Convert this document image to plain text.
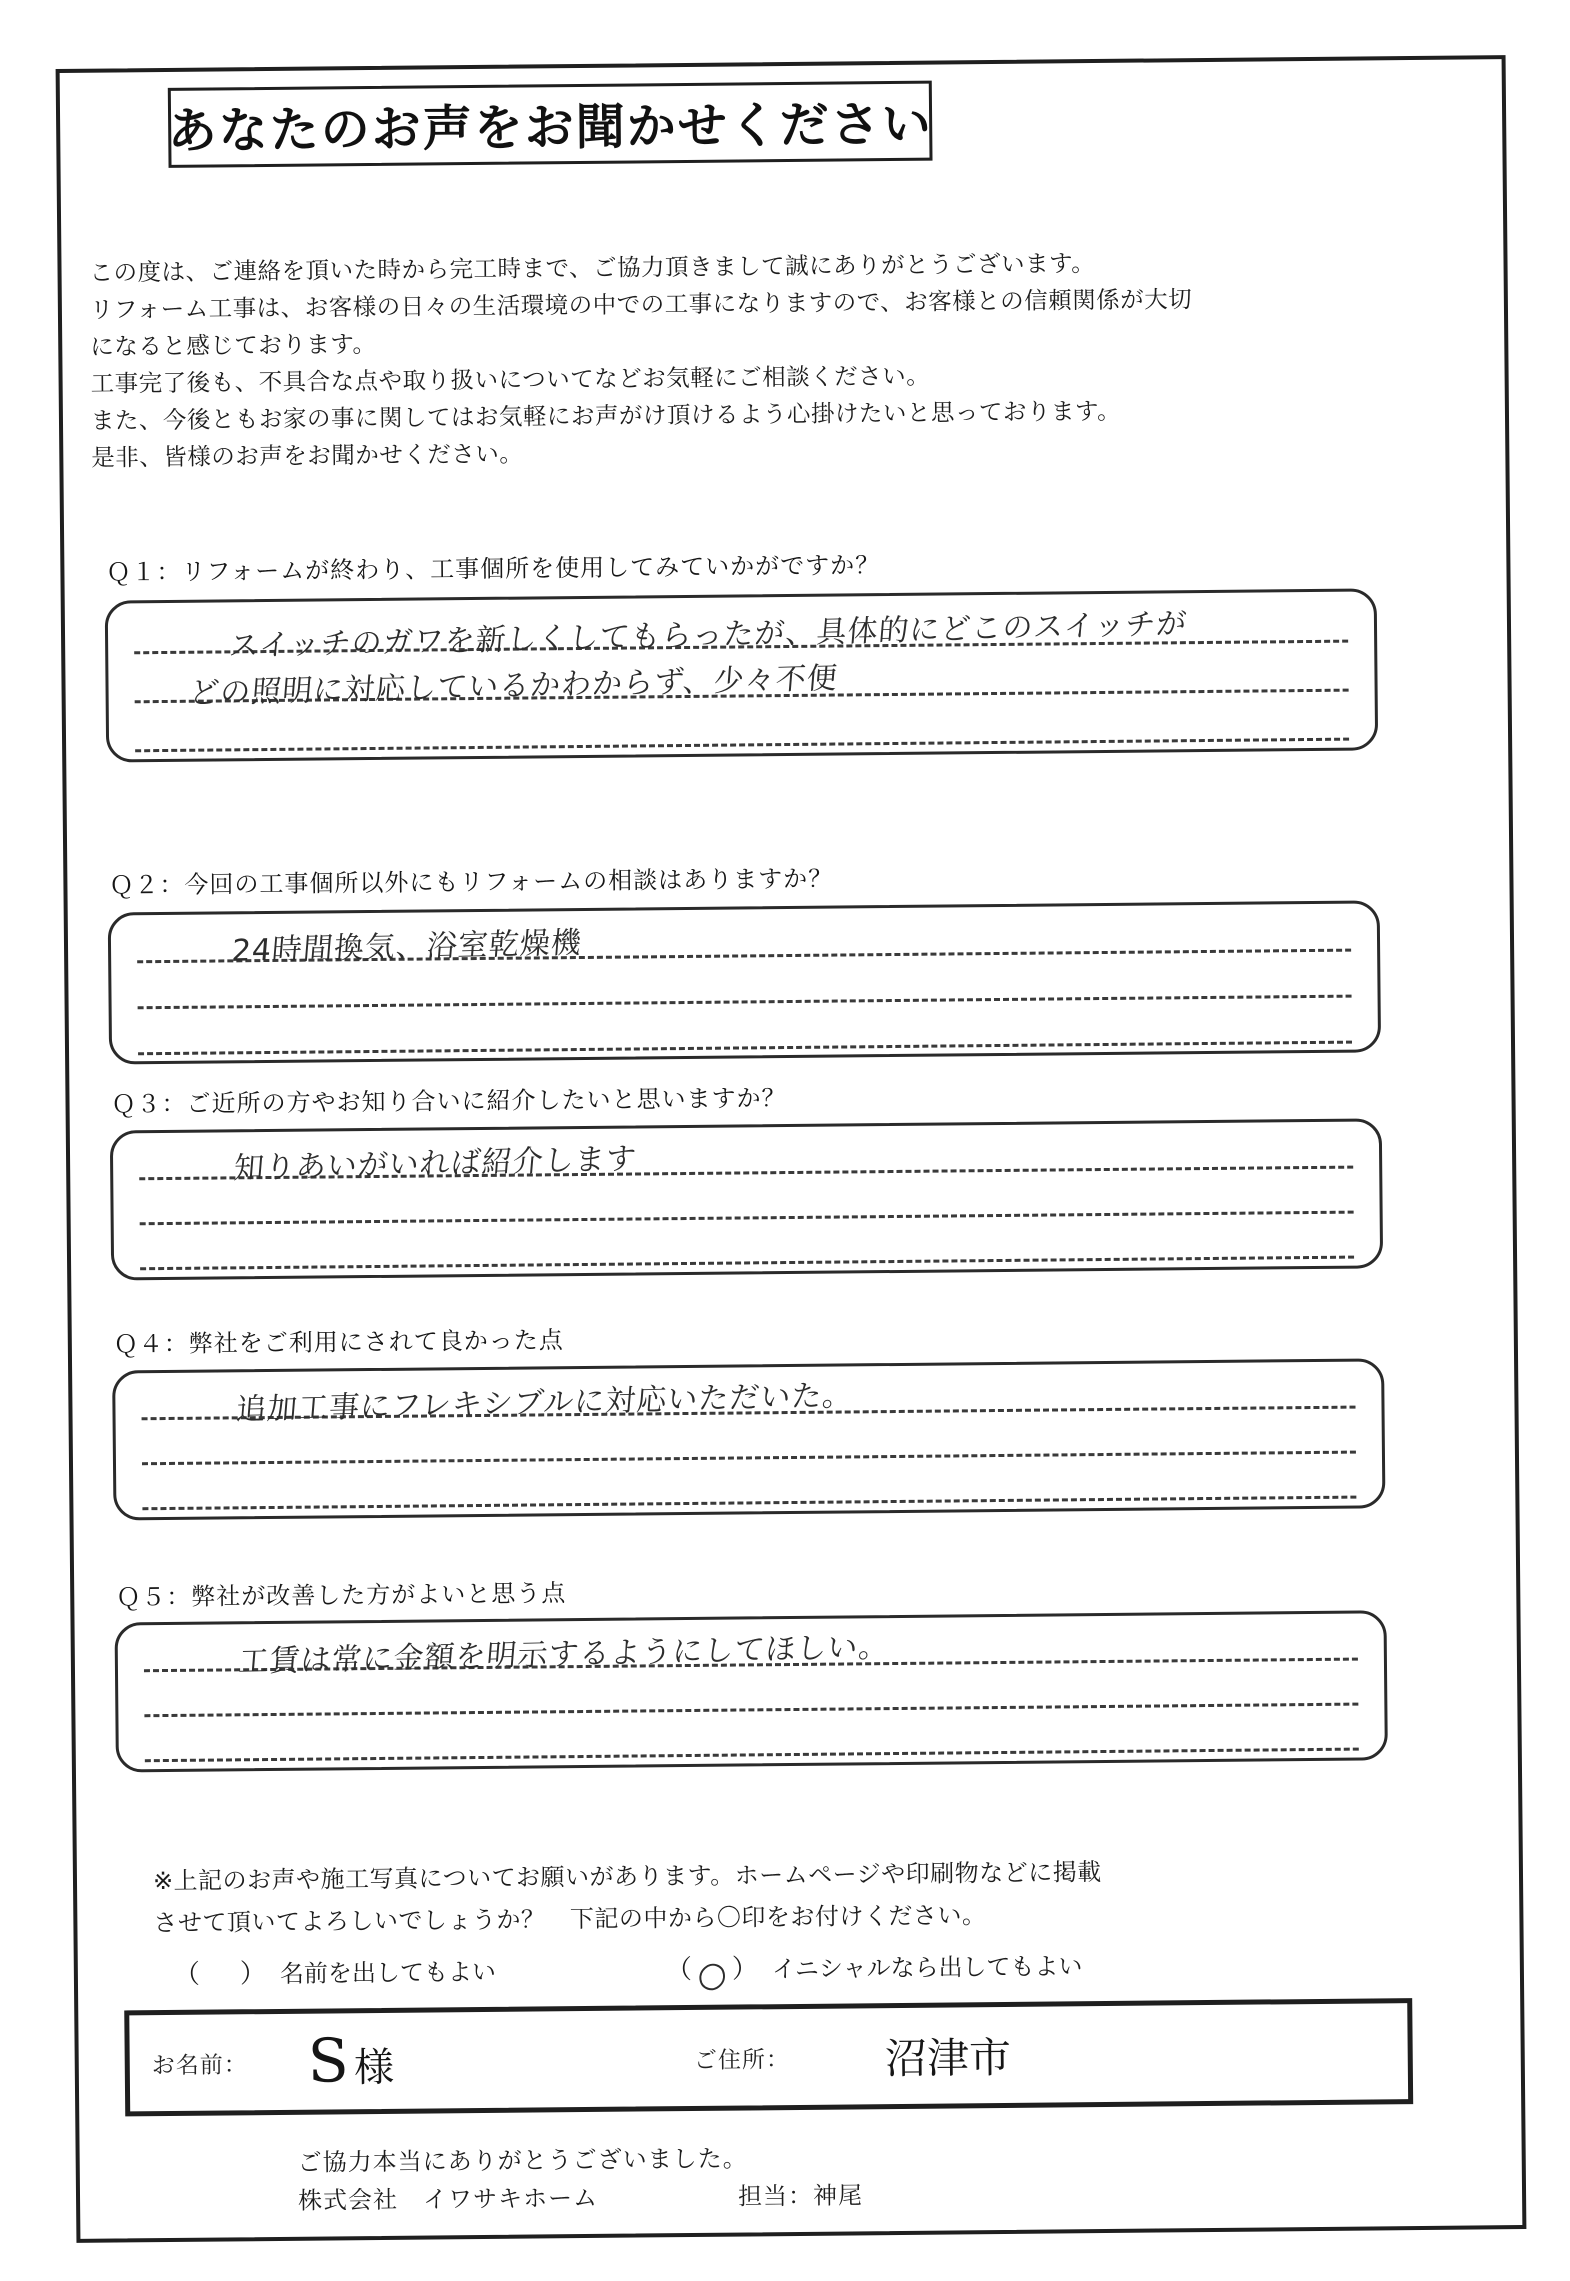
あなたのお声をお聞かせください
この度は、ご連絡を頂いた時から完工時まで、ご協力頂きまして誠にありがとうございます。
リフォーム工事は、お客様の日々の生活環境の中での工事になりますので、お客様との信頼関係が大切
になると感じております。
工事完了後も、不具合な点や取り扱いについてなどお気軽にご相談ください。
また、今後ともお家の事に関してはお気軽にお声がけ頂けるよう心掛けたいと思っております。
是非、皆様のお声をお聞かせください。
Ｑ１：リフォームが終わり、工事個所を使用してみていかがですか？
スイッチのガワを新しくしてもらったが、具体的にどこのスイッチが
どの照明に対応しているかわからず、少々不便
Ｑ２：今回の工事個所以外にもリフォームの相談はありますか？
24時間換気、浴室乾燥機
Ｑ３：ご近所の方やお知り合いに紹介したいと思いますか？
知りあいがいれば紹介します
Ｑ４：弊社をご利用にされて良かった点
追加工事にフレキシブルに対応いただいた。
Ｑ５：弊社が改善した方がよいと思う点
工賃は常に金額を明示するようにしてほしい。
※上記のお声や施工写真についてお願いがあります。ホームページや印刷物などに掲載
させて頂いてよろしいでしょうか？　下記の中から〇印をお付けください。
（ ） 名前を出してもよい	（ ○ ） イニシャルなら出してもよい
お名前： S 様	ご住所： 沼津市
ご協力本当にありがとうございました。
株式会社　イワサキホーム	担当：神尾
